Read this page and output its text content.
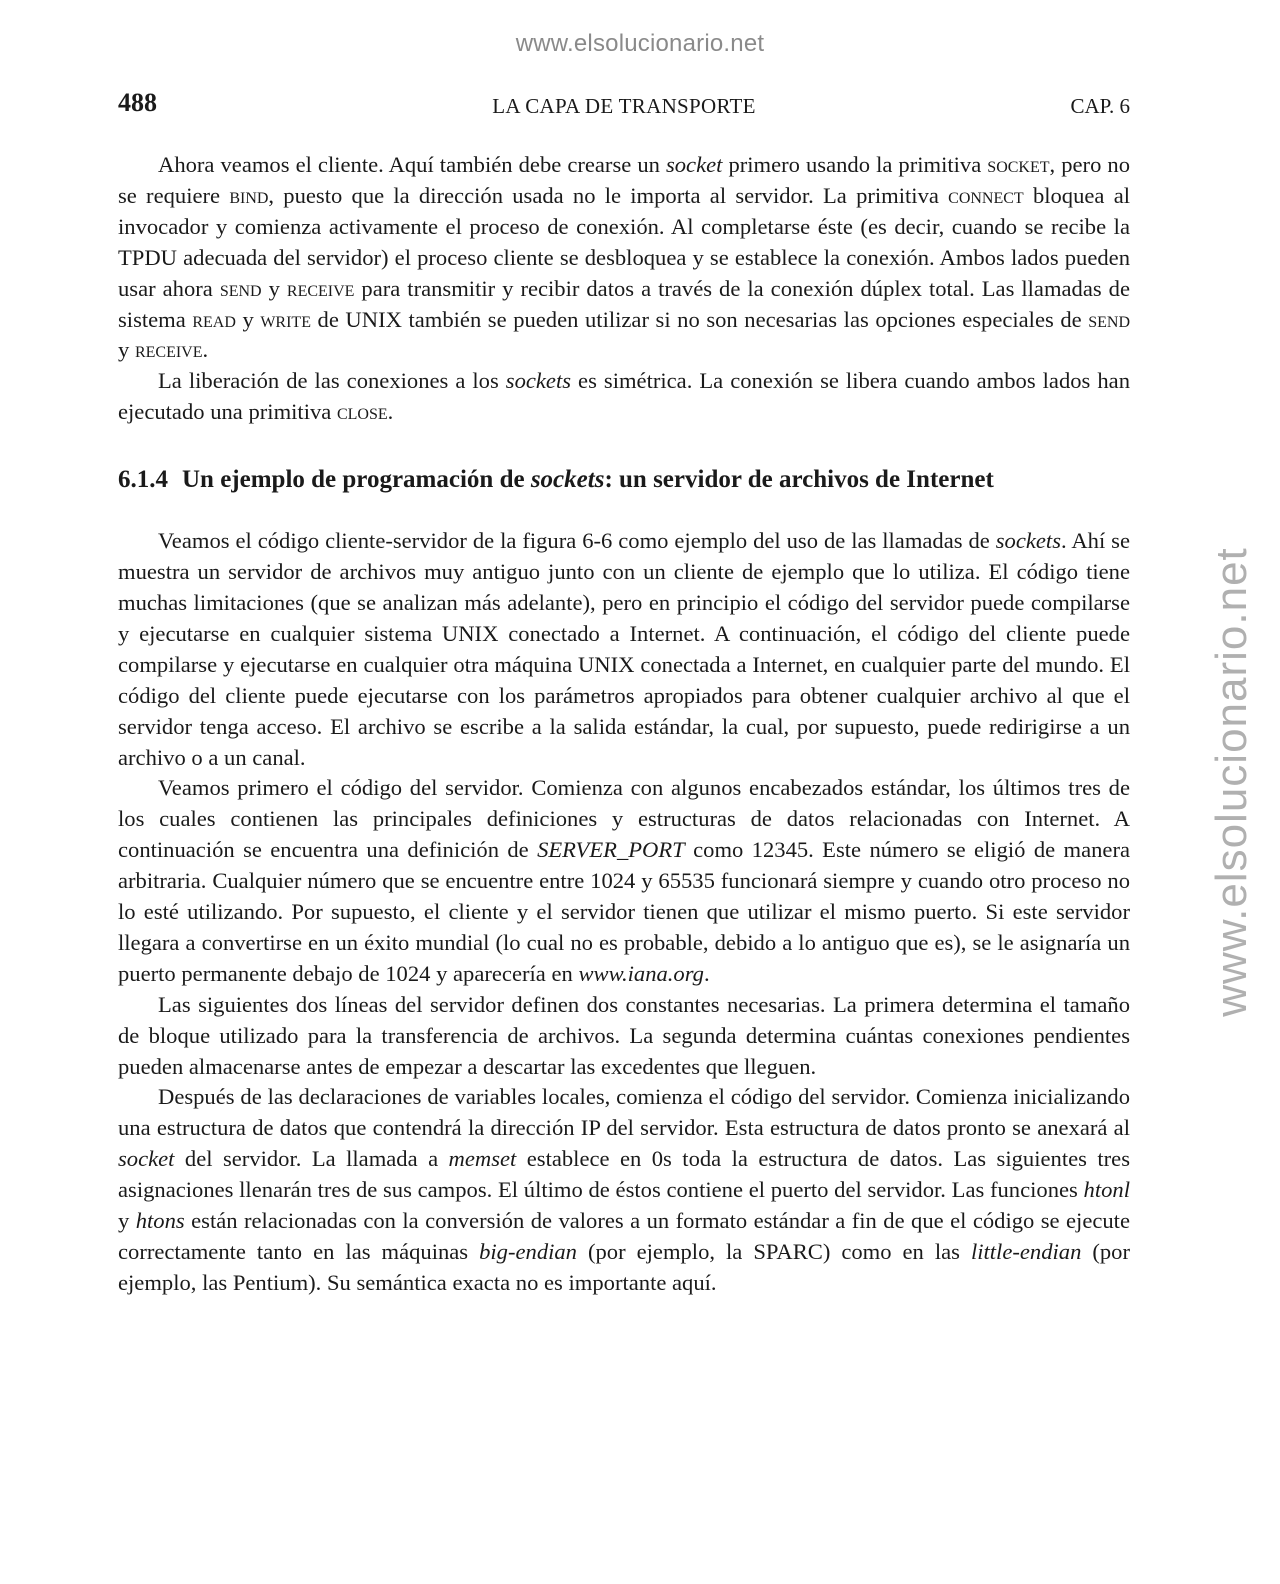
www.elsolucionario.net
www.elsolucionario.net
488	LA CAPA DE TRANSPORTE	CAP. 6

Ahora veamos el cliente. Aquí también debe crearse un socket primero usando la primitiva socket, pero no se requiere bind, puesto que la dirección usada no le importa al servidor. La primitiva connect bloquea al invocador y comienza activamente el proceso de conexión. Al completarse éste (es decir, cuando se recibe la TPDU adecuada del servidor) el proceso cliente se desbloquea y se establece la conexión. Ambos lados pueden usar ahora send y receive para transmitir y recibir datos a través de la conexión dúplex total. Las llamadas de sistema read y write de UNIX también se pueden utilizar si no son necesarias las opciones especiales de send y receive.

La liberación de las conexiones a los sockets es simétrica. La conexión se libera cuando ambos lados han ejecutado una primitiva close.

6.1.4 Un ejemplo de programación de sockets: un servidor de archivos de Internet

Veamos el código cliente-servidor de la figura 6-6 como ejemplo del uso de las llamadas de sockets. Ahí se muestra un servidor de archivos muy antiguo junto con un cliente de ejemplo que lo utiliza. El código tiene muchas limitaciones (que se analizan más adelante), pero en principio el código del servidor puede compilarse y ejecutarse en cualquier sistema UNIX conectado a Internet. A continuación, el código del cliente puede compilarse y ejecutarse en cualquier otra máquina UNIX conectada a Internet, en cualquier parte del mundo. El código del cliente puede ejecutarse con los parámetros apropiados para obtener cualquier archivo al que el servidor tenga acceso. El archivo se escribe a la salida estándar, la cual, por supuesto, puede redirigirse a un archivo o a un canal.

Veamos primero el código del servidor. Comienza con algunos encabezados estándar, los últimos tres de los cuales contienen las principales definiciones y estructuras de datos relacionadas con Internet. A continuación se encuentra una definición de SERVER_PORT como 12345. Este número se eligió de manera arbitraria. Cualquier número que se encuentre entre 1024 y 65535 funcionará siempre y cuando otro proceso no lo esté utilizando. Por supuesto, el cliente y el servidor tienen que utilizar el mismo puerto. Si este servidor llegara a convertirse en un éxito mundial (lo cual no es probable, debido a lo antiguo que es), se le asignaría un puerto permanente debajo de 1024 y aparecería en www.iana.org.

Las siguientes dos líneas del servidor definen dos constantes necesarias. La primera determina el tamaño de bloque utilizado para la transferencia de archivos. La segunda determina cuántas conexiones pendientes pueden almacenarse antes de empezar a descartar las excedentes que lleguen.

Después de las declaraciones de variables locales, comienza el código del servidor. Comienza inicializando una estructura de datos que contendrá la dirección IP del servidor. Esta estructura de datos pronto se anexará al socket del servidor. La llamada a memset establece en 0s toda la estructura de datos. Las siguientes tres asignaciones llenarán tres de sus campos. El último de éstos contiene el puerto del servidor. Las funciones htonl y htons están relacionadas con la conversión de valores a un formato estándar a fin de que el código se ejecute correctamente tanto en las máquinas big-endian (por ejemplo, la SPARC) como en las little-endian (por ejemplo, las Pentium). Su semántica exacta no es importante aquí.
